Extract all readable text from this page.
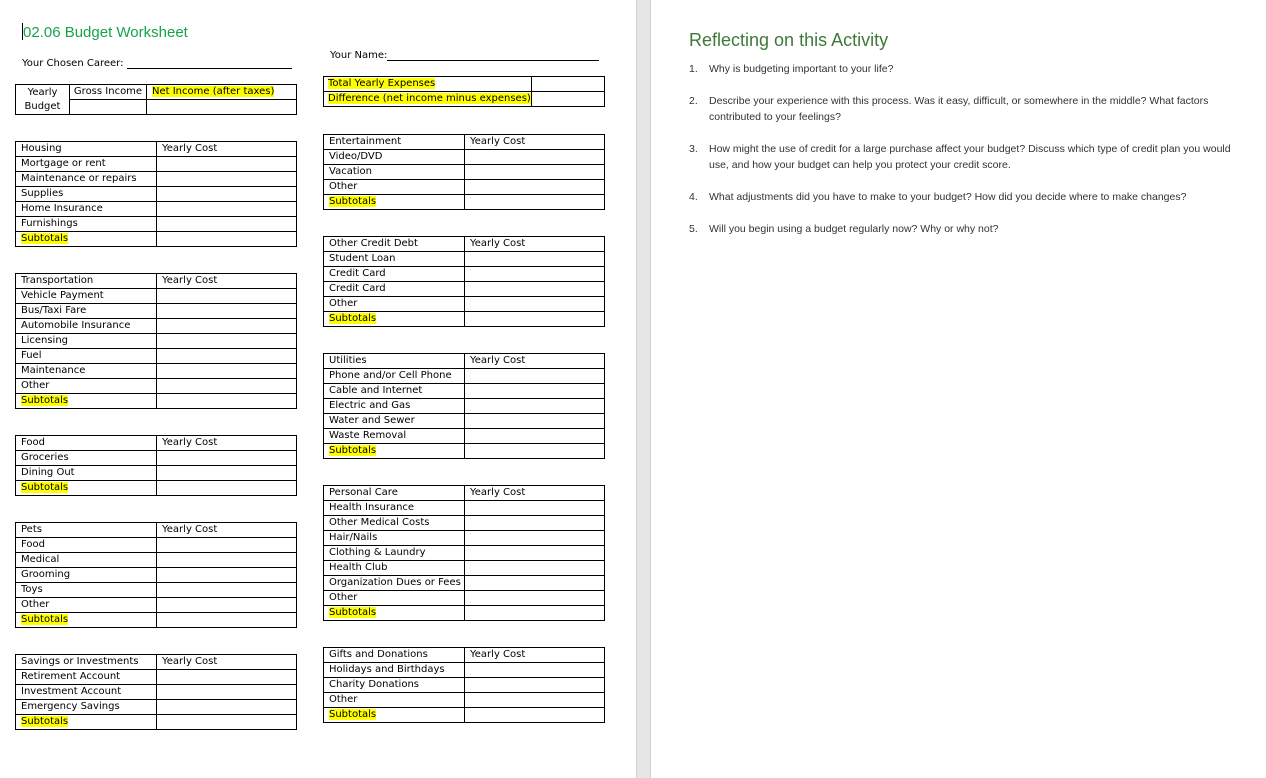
02.06 Budget Worksheet
Your Chosen Career:
Your Name:
Yearly
Budget	Gross Income	Net Income (after taxes)

Total Yearly Expenses	
Difference (net income minus expenses)	
Housing	Yearly Cost
Mortgage or rent	
Maintenance or repairs	
Supplies	
Home Insurance	
Furnishings	
Subtotals	
Transportation	Yearly Cost
Vehicle Payment	
Bus/Taxi Fare	
Automobile Insurance	
Licensing	
Fuel	
Maintenance	
Other	
Subtotals	
Food	Yearly Cost
Groceries	
Dining Out	
Subtotals	
Pets	Yearly Cost
Food	
Medical	
Grooming	
Toys	
Other	
Subtotals	
Savings or Investments	Yearly Cost
Retirement Account	
Investment Account	
Emergency Savings	
Subtotals	
Entertainment	Yearly Cost
Video/DVD	
Vacation	
Other	
Subtotals	
Other Credit Debt	Yearly Cost
Student Loan	
Credit Card	
Credit Card	
Other	
Subtotals	
Utilities	Yearly Cost
Phone and/or Cell Phone	
Cable and Internet	
Electric and Gas	
Water and Sewer	
Waste Removal	
Subtotals	
Personal Care	Yearly Cost
Health Insurance	
Other Medical Costs	
Hair/Nails	
Clothing & Laundry	
Health Club	
Organization Dues or Fees	
Other	
Subtotals	
Gifts and Donations	Yearly Cost
Holidays and Birthdays	
Charity Donations	
Other	
Subtotals	
Reflecting on this Activity
1. Why is budgeting important to your life?
2. Describe your experience with this process. Was it easy, difficult, or somewhere in the middle? What factors contributed to your feelings?
3. How might the use of credit for a large purchase affect your budget? Discuss which type of credit plan you would use, and how your budget can help you protect your credit score.
4. What adjustments did you have to make to your budget? How did you decide where to make changes?
5. Will you begin using a budget regularly now? Why or why not?
